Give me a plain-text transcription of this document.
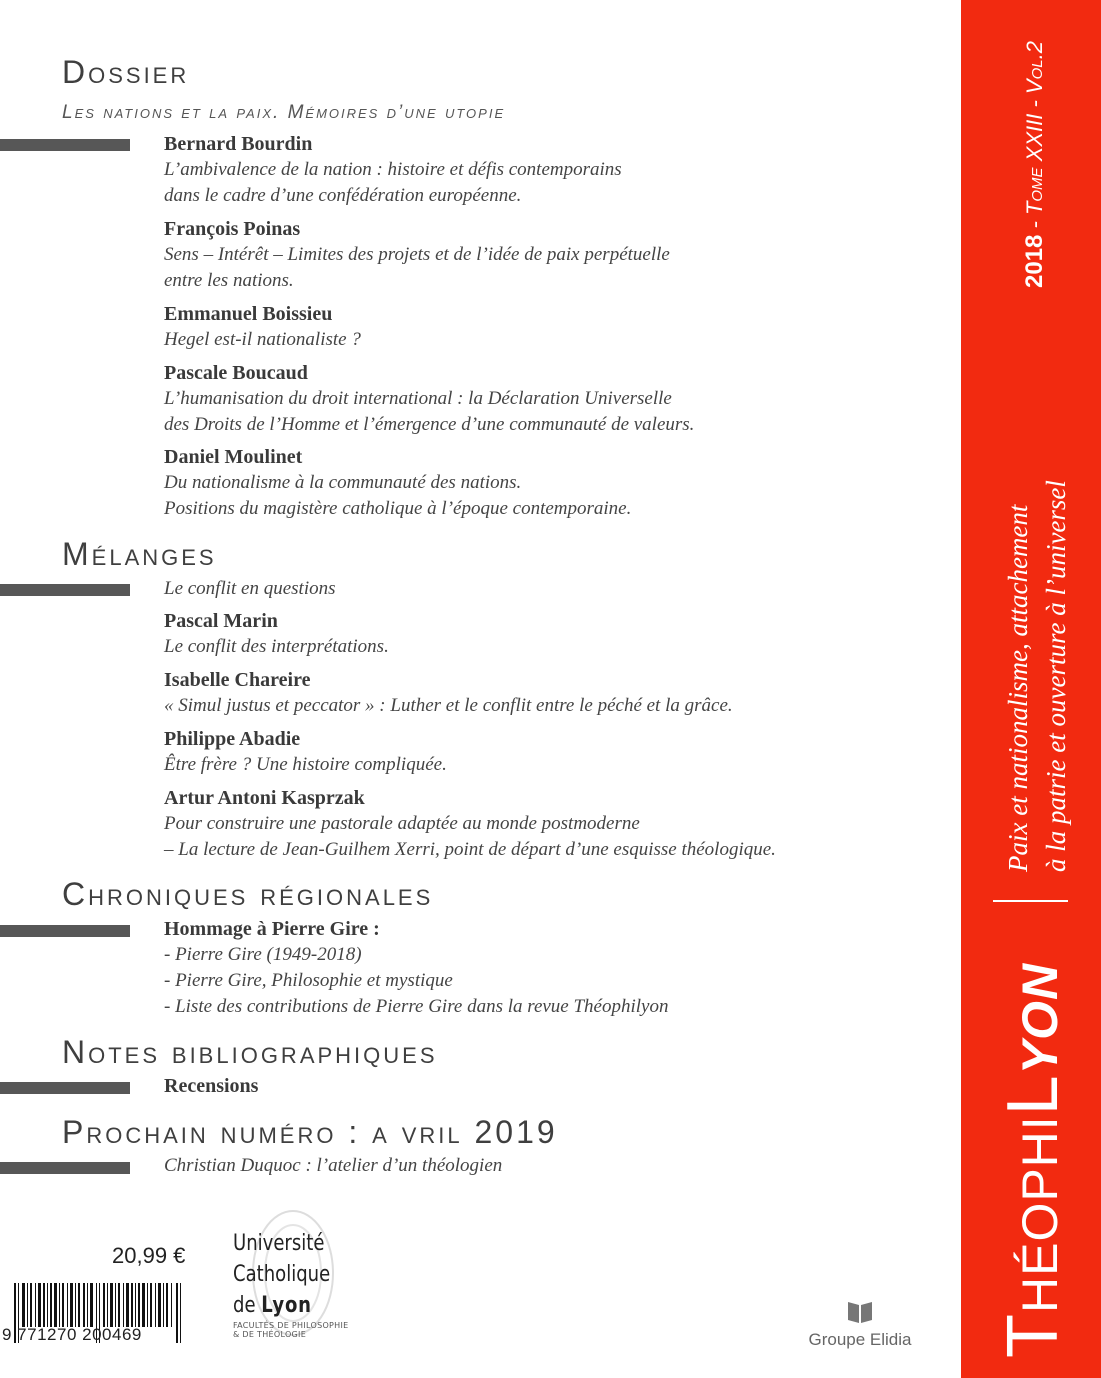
Dossier
Les nations et la paix. Mémoires d’une utopie
Bernard Bourdin
L’ambivalence de la nation : histoire et défis contemporains
dans le cadre d’une confédération européenne.
François Poinas
Sens – Intérêt – Limites des projets et de l’idée de paix perpétuelle
entre les nations.
Emmanuel Boissieu
Hegel est-il nationaliste ?
Pascale Boucaud
L’humanisation du droit international : la Déclaration Universelle
des Droits de l’Homme et l’émergence d’une communauté de valeurs.
Daniel Moulinet
Du nationalisme à la communauté des nations.
Positions du magistère catholique à l’époque contemporaine.
Mélanges
Le conflit en questions
Pascal Marin
Le conflit des interprétations.
Isabelle Chareire
« Simul justus et peccator » : Luther et le conflit entre le péché et la grâce.
Philippe Abadie
Être frère ? Une histoire compliquée.
Artur Antoni Kasprzak
Pour construire une pastorale adaptée au monde postmoderne
– La lecture de Jean-Guilhem Xerri, point de départ d’une esquisse théologique.
Chroniques régionales
Hommage à Pierre Gire :
- Pierre Gire (1949-2018)
- Pierre Gire, Philosophie et mystique
- Liste des contributions de Pierre Gire dans la revue Théophilyon
Notes bibliographiques
Recensions
Prochain numéro : a vril 2019
Christian Duquoc : l’atelier d’un théologien
20,99 €
9 771270 200469
Université
Catholique
de Lyon
FACULTÉS DE PHILOSOPHIE
& DE THÉOLOGIE	Groupe Elidia
2018 - Tome XXIII - Vol.2
Paix et nationalisme, attachement à la patrie et ouverture à l’universel
ThéophiLyon
